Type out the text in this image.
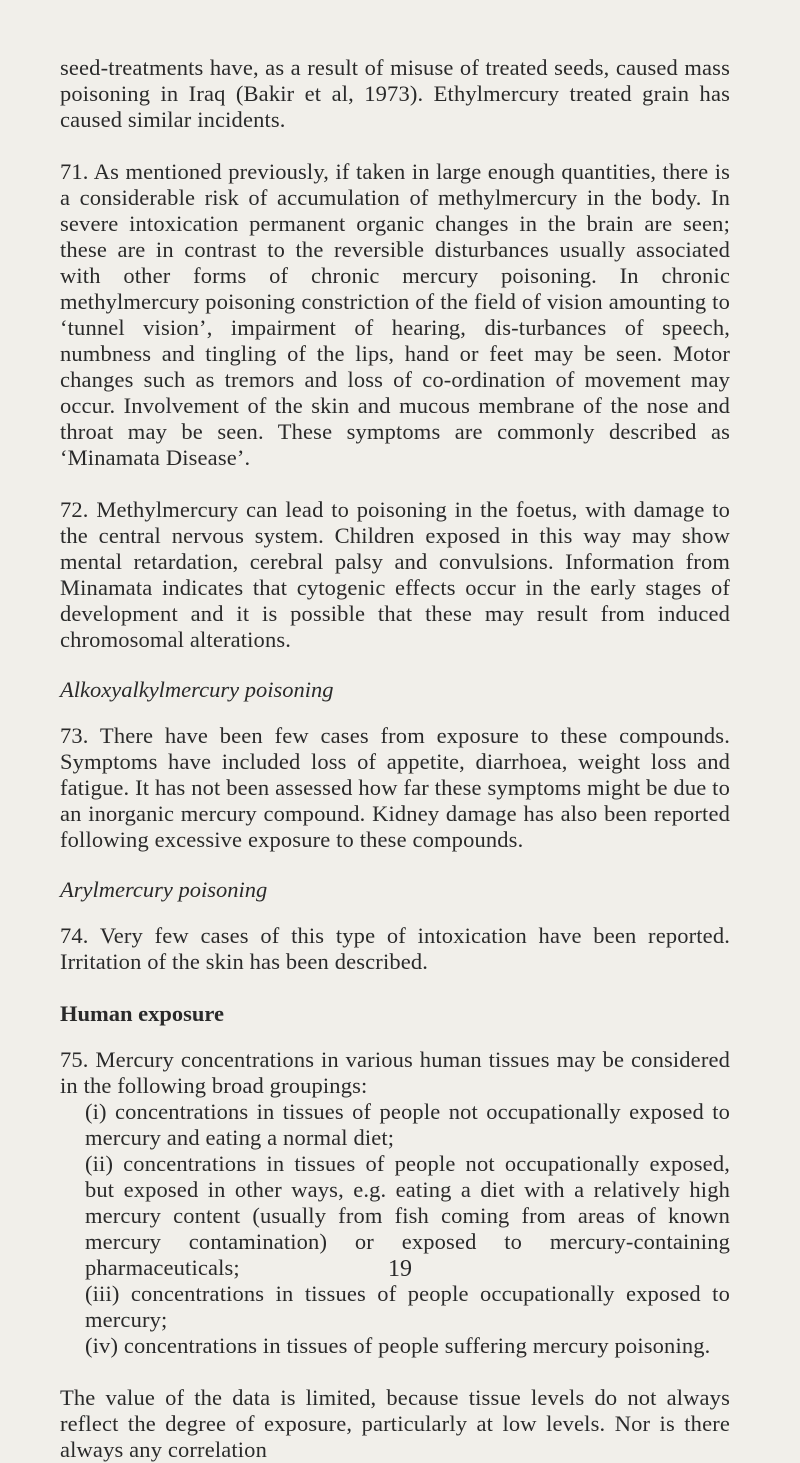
seed-treatments have, as a result of misuse of treated seeds, caused mass poisoning in Iraq (Bakir et al, 1973). Ethylmercury treated grain has caused similar incidents.

71. As mentioned previously, if taken in large enough quantities, there is a considerable risk of accumulation of methylmercury in the body. In severe intoxication permanent organic changes in the brain are seen; these are in contrast to the reversible disturbances usually associated with other forms of chronic mercury poisoning. In chronic methylmercury poisoning constriction of the field of vision amounting to ‘tunnel vision’, impairment of hearing, dis-turbances of speech, numbness and tingling of the lips, hand or feet may be seen. Motor changes such as tremors and loss of co-ordination of movement may occur. Involvement of the skin and mucous membrane of the nose and throat may be seen. These symptoms are commonly described as ‘Minamata Disease’.

72. Methylmercury can lead to poisoning in the foetus, with damage to the central nervous system. Children exposed in this way may show mental retardation, cerebral palsy and convulsions. Information from Minamata indicates that cytogenic effects occur in the early stages of development and it is possible that these may result from induced chromosomal alterations.

Alkoxyalkylmercury poisoning

73. There have been few cases from exposure to these compounds. Symptoms have included loss of appetite, diarrhoea, weight loss and fatigue. It has not been assessed how far these symptoms might be due to an inorganic mercury compound. Kidney damage has also been reported following excessive exposure to these compounds.

Arylmercury poisoning

74. Very few cases of this type of intoxication have been reported. Irritation of the skin has been described.

Human exposure

75. Mercury concentrations in various human tissues may be considered in the following broad groupings:

(i) concentrations in tissues of people not occupationally exposed to mercury and eating a normal diet;
(ii) concentrations in tissues of people not occupationally exposed, but exposed in other ways, e.g. eating a diet with a relatively high mercury content (usually from fish coming from areas of known mercury contamination) or exposed to mercury-containing pharmaceuticals;
(iii) concentrations in tissues of people occupationally exposed to mercury;
(iv) concentrations in tissues of people suffering mercury poisoning.

The value of the data is limited, because tissue levels do not always reflect the degree of exposure, particularly at low levels. Nor is there always any correlation

19
